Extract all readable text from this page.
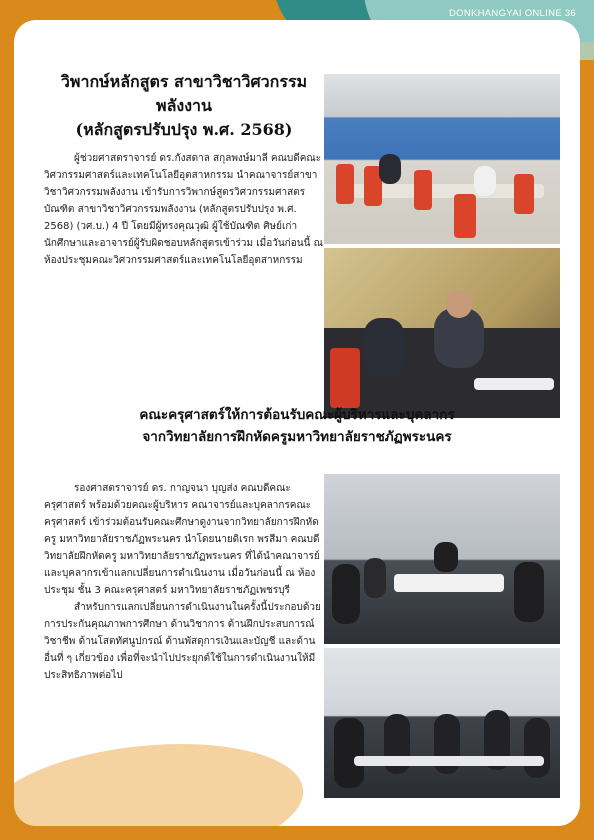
วิพากษ์หลักสูตร สาขาวิชาวิศวกรรมพลังงาน
(หลักสูตรปรับปรุง พ.ศ. 2568)

ผู้ช่วยศาสตราจารย์ ดร.กังสดาล สกุลพงษ์มาลี คณบดีคณะวิศวกรรมศาสตร์และเทคโนโลยีอุตสาหกรรม นำคณาจารย์สาขาวิชาวิศวกรรมพลังงาน เข้ารับการวิพากษ์สูตรวิศวกรรมศาสตรบัณฑิต สาขาวิชาวิศวกรรมพลังงาน (หลักสูตรปรับปรุง พ.ศ. 2568) (วศ.บ.) 4 ปี โดยมีผู้ทรงคุณวุฒิ ผู้ใช้บัณฑิต ศิษย์เก่า นักศึกษาและอาจารย์ผู้รับผิดชอบหลักสูตรเข้าร่วม เมื่อวันก่อนนี้ ณ ห้องประชุมคณะวิศวกรรมศาสตร์และเทคโนโลยีอุตสาหกรรม

คณะครุศาสตร์ให้การต้อนรับคณะผู้บริหารและบุคลากร
จากวิทยาลัยการฝึกหัดครูมหาวิทยาลัยราชภัฏพระนคร

รองศาสตราจารย์ ดร. กาญจนา บุญส่ง คณบดีคณะครุศาสตร์ พร้อมด้วยคณะผู้บริหาร คณาจารย์และบุคลากรคณะครุศาสตร์ เข้าร่วมต้อนรับคณะศึกษาดูงานจากวิทยาลัยการฝึกหัดครู มหาวิทยาลัยราชภัฏพระนคร นำโดยนายดิเรก พรสีมา คณบดีวิทยาลัยฝึกหัดครู มหาวิทยาลัยราชภัฏพระนคร ที่ได้นำคณาจารย์และบุคลากรเข้าแลกเปลี่ยนการดำเนินงาน เมื่อวันก่อนนี้ ณ ห้องประชุม ชั้น 3 คณะครุศาสตร์ มหาวิทยาลัยราชภัฏเพชรบุรี

สำหรับการแลกเปลี่ยนการดำเนินงานในครั้งนี้ประกอบด้วย การประกันคุณภาพการศึกษา ด้านวิชาการ ด้านฝึกประสบการณ์วิชาชีพ ด้านโสตทัศนูปกรณ์ ด้านพัสดุการเงินและบัญชี และด้านอื่นที่ ๆ เกี่ยวข้อง เพื่อที่จะนำไปประยุกต์ใช้ในการดำเนินงานให้มีประสิทธิภาพต่อไป

DONKHANGYAI ONLINE 36
